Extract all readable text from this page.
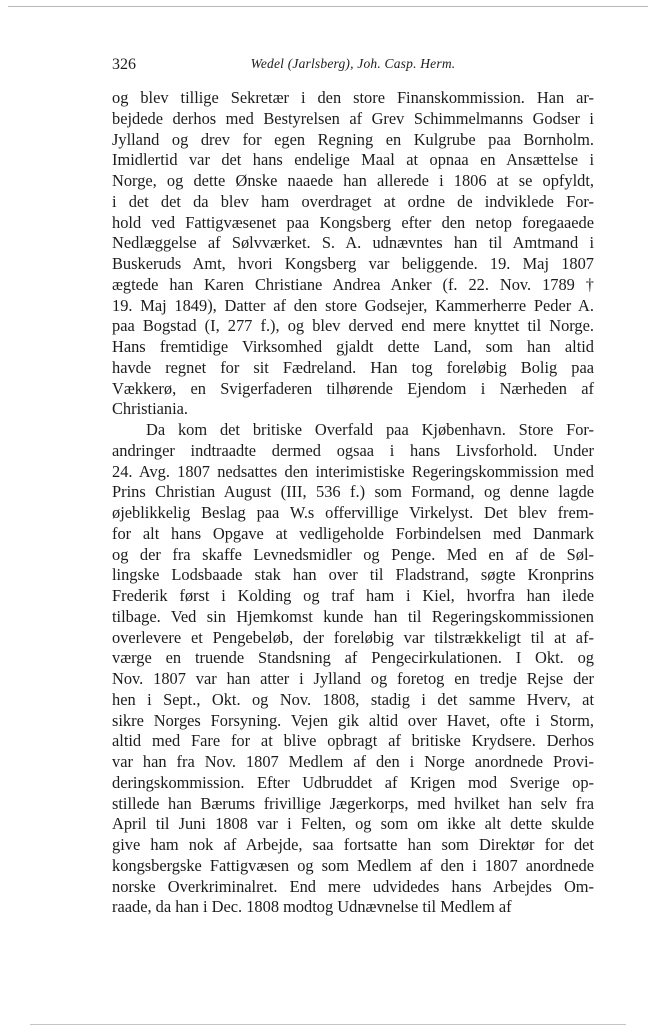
326	Wedel (Jarlsberg), Joh. Casp. Herm.
og blev tillige Sekretær i den store Finanskommission. Han ar-
bejdede derhos med Bestyrelsen af Grev Schimmelmanns Godser i
Jylland og drev for egen Regning en Kulgrube paa Bornholm.
Imidlertid var det hans endelige Maal at opnaa en Ansættelse i
Norge, og dette Ønske naaede han allerede i 1806 at se opfyldt,
i det det da blev ham overdraget at ordne de indviklede For-
hold ved Fattigvæsenet paa Kongsberg efter den netop foregaaede
Nedlæggelse af Sølvværket. S. A. udnævntes han til Amtmand i
Buskeruds Amt, hvori Kongsberg var beliggende. 19. Maj 1807
ægtede han Karen Christiane Andrea Anker (f. 22. Nov. 1789 †
19. Maj 1849), Datter af den store Godsejer, Kammerherre Peder A.
paa Bogstad (I, 277 f.), og blev derved end mere knyttet til Norge.
Hans fremtidige Virksomhed gjaldt dette Land, som han altid
havde regnet for sit Fædreland. Han tog foreløbig Bolig paa
Vækkerø, en Svigerfaderen tilhørende Ejendom i Nærheden af
Christiania.
Da kom det britiske Overfald paa Kjøbenhavn. Store For-
andringer indtraadte dermed ogsaa i hans Livsforhold. Under
24. Avg. 1807 nedsattes den interimistiske Regeringskommission med
Prins Christian August (III, 536 f.) som Formand, og denne lagde
øjeblikkelig Beslag paa W.s offervillige Virkelyst. Det blev frem-
for alt hans Opgave at vedligeholde Forbindelsen med Danmark
og der fra skaffe Levnedsmidler og Penge. Med en af de Søl-
lingske Lodsbaade stak han over til Fladstrand, søgte Kronprins
Frederik først i Kolding og traf ham i Kiel, hvorfra han ilede
tilbage. Ved sin Hjemkomst kunde han til Regeringskommissionen
overlevere et Pengebeløb, der foreløbig var tilstrækkeligt til at af-
værge en truende Standsning af Pengecirkulationen. I Okt. og
Nov. 1807 var han atter i Jylland og foretog en tredje Rejse der
hen i Sept., Okt. og Nov. 1808, stadig i det samme Hverv, at
sikre Norges Forsyning. Vejen gik altid over Havet, ofte i Storm,
altid med Fare for at blive opbragt af britiske Krydsere. Derhos
var han fra Nov. 1807 Medlem af den i Norge anordnede Provi-
deringskommission. Efter Udbruddet af Krigen mod Sverige op-
stillede han Bærums frivillige Jægerkorps, med hvilket han selv fra
April til Juni 1808 var i Felten, og som om ikke alt dette skulde
give ham nok af Arbejde, saa fortsatte han som Direktør for det
kongsbergske Fattigvæsen og som Medlem af den i 1807 anordnede
norske Overkriminalret. End mere udvidedes hans Arbejdes Om-
raade, da han i Dec. 1808 modtog Udnævnelse til Medlem af
